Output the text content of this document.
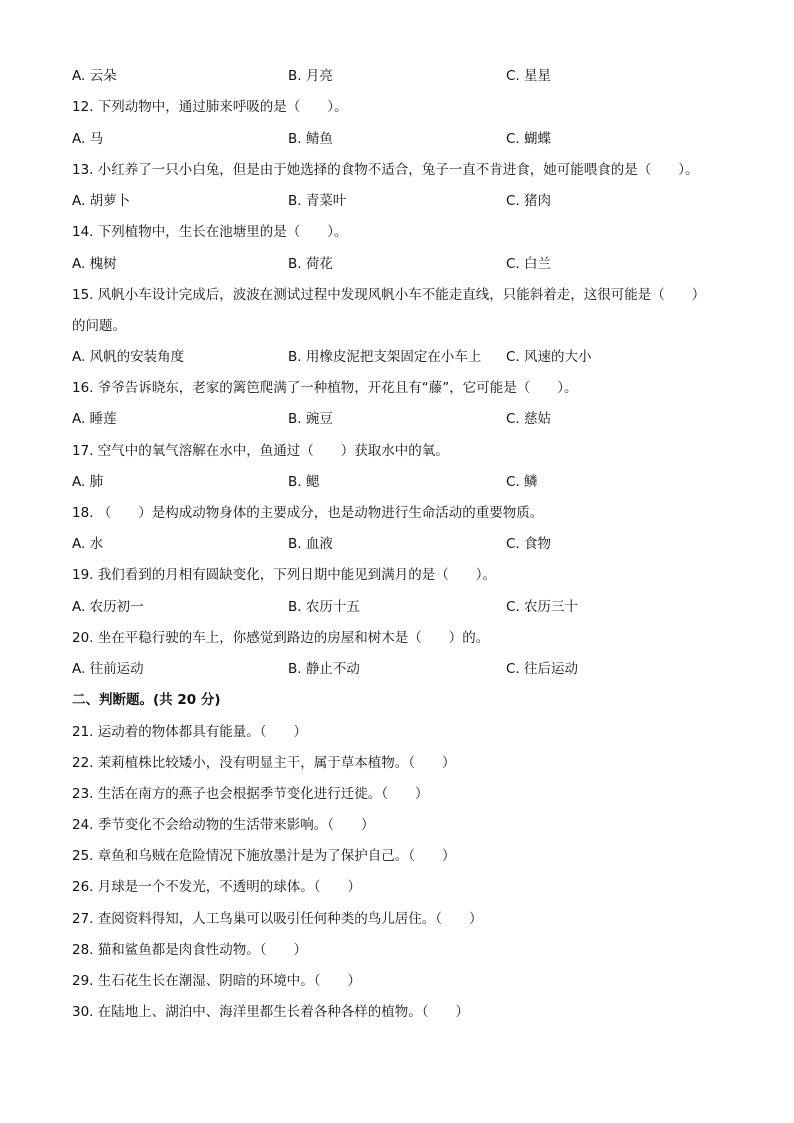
A. 云朵	B. 月亮	C. 星星
12. 下列动物中，通过肺来呼吸的是（　　）。
A. 马	B. 鲭鱼	C. 蝴蝶
13. 小红养了一只小白兔，但是由于她选择的食物不适合，兔子一直不肯进食，她可能喂食的是（　　）。
A. 胡萝卜	B. 青菜叶	C. 猪肉
14. 下列植物中，生长在池塘里的是（　　）。
A. 槐树	B. 荷花	C. 白兰
15. 风帆小车设计完成后，波波在测试过程中发现风帆小车不能走直线，只能斜着走，这很可能是（　　）
的问题。
A. 风帆的安装角度	B. 用橡皮泥把支架固定在小车上 C. 风速的大小
16. 爷爷告诉晓东，老家的篱笆爬满了一种植物，开花且有“藤”，它可能是（　　）。
A. 睡莲	B. 豌豆	C. 慈姑
17. 空气中的氧气溶解在水中，鱼通过（　　）获取水中的氧。
A. 肺	B. 鳃	C. 鳞
18. （　　）是构成动物身体的主要成分，也是动物进行生命活动的重要物质。
A. 水	B. 血液	C. 食物
19. 我们看到的月相有圆缺变化，下列日期中能见到满月的是（　　）。
A. 农历初一	B. 农历十五	C. 农历三十
20. 坐在平稳行驶的车上，你感觉到路边的房屋和树木是（　　）的。
A. 往前运动	B. 静止不动	C. 往后运动
二、判断题。(共 20 分)
21. 运动着的物体都具有能量。（　　）
22. 茉莉植株比较矮小，没有明显主干，属于草本植物。（　　）
23. 生活在南方的燕子也会根据季节变化进行迁徙。（　　）
24. 季节变化不会给动物的生活带来影响。（　　）
25. 章鱼和乌贼在危险情况下施放墨汁是为了保护自己。（　　）
26. 月球是一个不发光，不透明的球体。（　　）
27. 查阅资料得知，人工鸟巢可以吸引任何种类的鸟儿居住。（　　）
28. 猫和鲨鱼都是肉食性动物。（　　）
29. 生石花生长在潮湿、阴暗的环境中。（　　）
30. 在陆地上、湖泊中、海洋里都生长着各种各样的植物。（　　）
